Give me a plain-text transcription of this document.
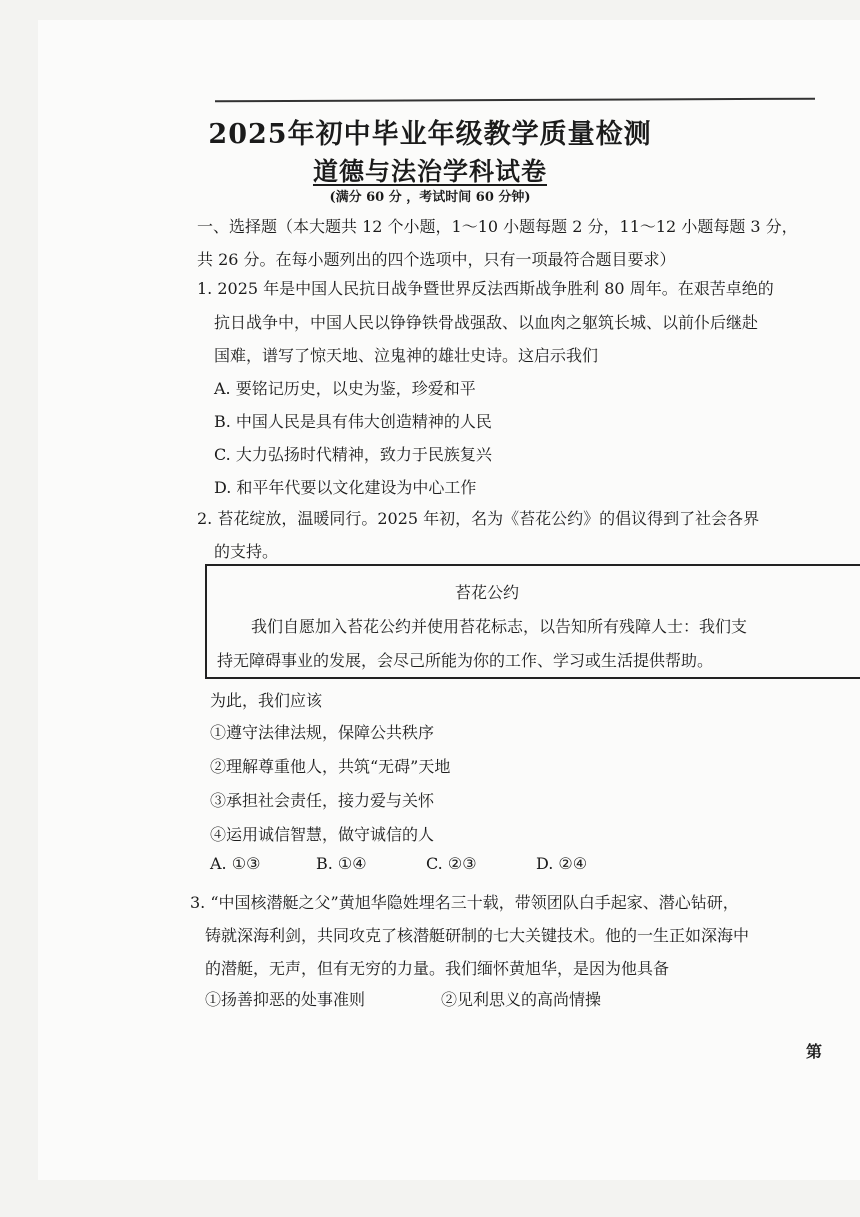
2025年初中毕业年级教学质量检测
道德与法治学科试卷
(满分 60 分 ，考试时间 60 分钟)
一、选择题（本大题共 12 个小题，1～10 小题每题 2 分，11～12 小题每题 3 分，
共 26 分。在每小题列出的四个选项中，只有一项最符合题目要求）
1. 2025 年是中国人民抗日战争暨世界反法西斯战争胜利 80 周年。在艰苦卓绝的
抗日战争中，中国人民以铮铮铁骨战强敌、以血肉之躯筑长城、以前仆后继赴
国难，谱写了惊天地、泣鬼神的雄壮史诗。这启示我们
A. 要铭记历史，以史为鉴，珍爱和平
B. 中国人民是具有伟大创造精神的人民
C. 大力弘扬时代精神，致力于民族复兴
D. 和平年代要以文化建设为中心工作
2. 苔花绽放，温暖同行。2025 年初，名为《苔花公约》的倡议得到了社会各界
的支持。
苔花公约
我们自愿加入苔花公约并使用苔花标志，以告知所有残障人士：我们支
持无障碍事业的发展，会尽己所能为你的工作、学习或生活提供帮助。
为此，我们应该
①遵守法律法规，保障公共秩序
②理解尊重他人，共筑“无碍”天地
③承担社会责任，接力爱与关怀
④运用诚信智慧，做守诚信的人
A. ①③	B. ①④	C. ②③	D. ②④
3. “中国核潜艇之父”黄旭华隐姓埋名三十载，带领团队白手起家、潜心钻研，
铸就深海利剑，共同攻克了核潜艇研制的七大关键技术。他的一生正如深海中
的潜艇，无声，但有无穷的力量。我们缅怀黄旭华，是因为他具备
①扬善抑恶的处事准则	②见利思义的高尚情操
第
